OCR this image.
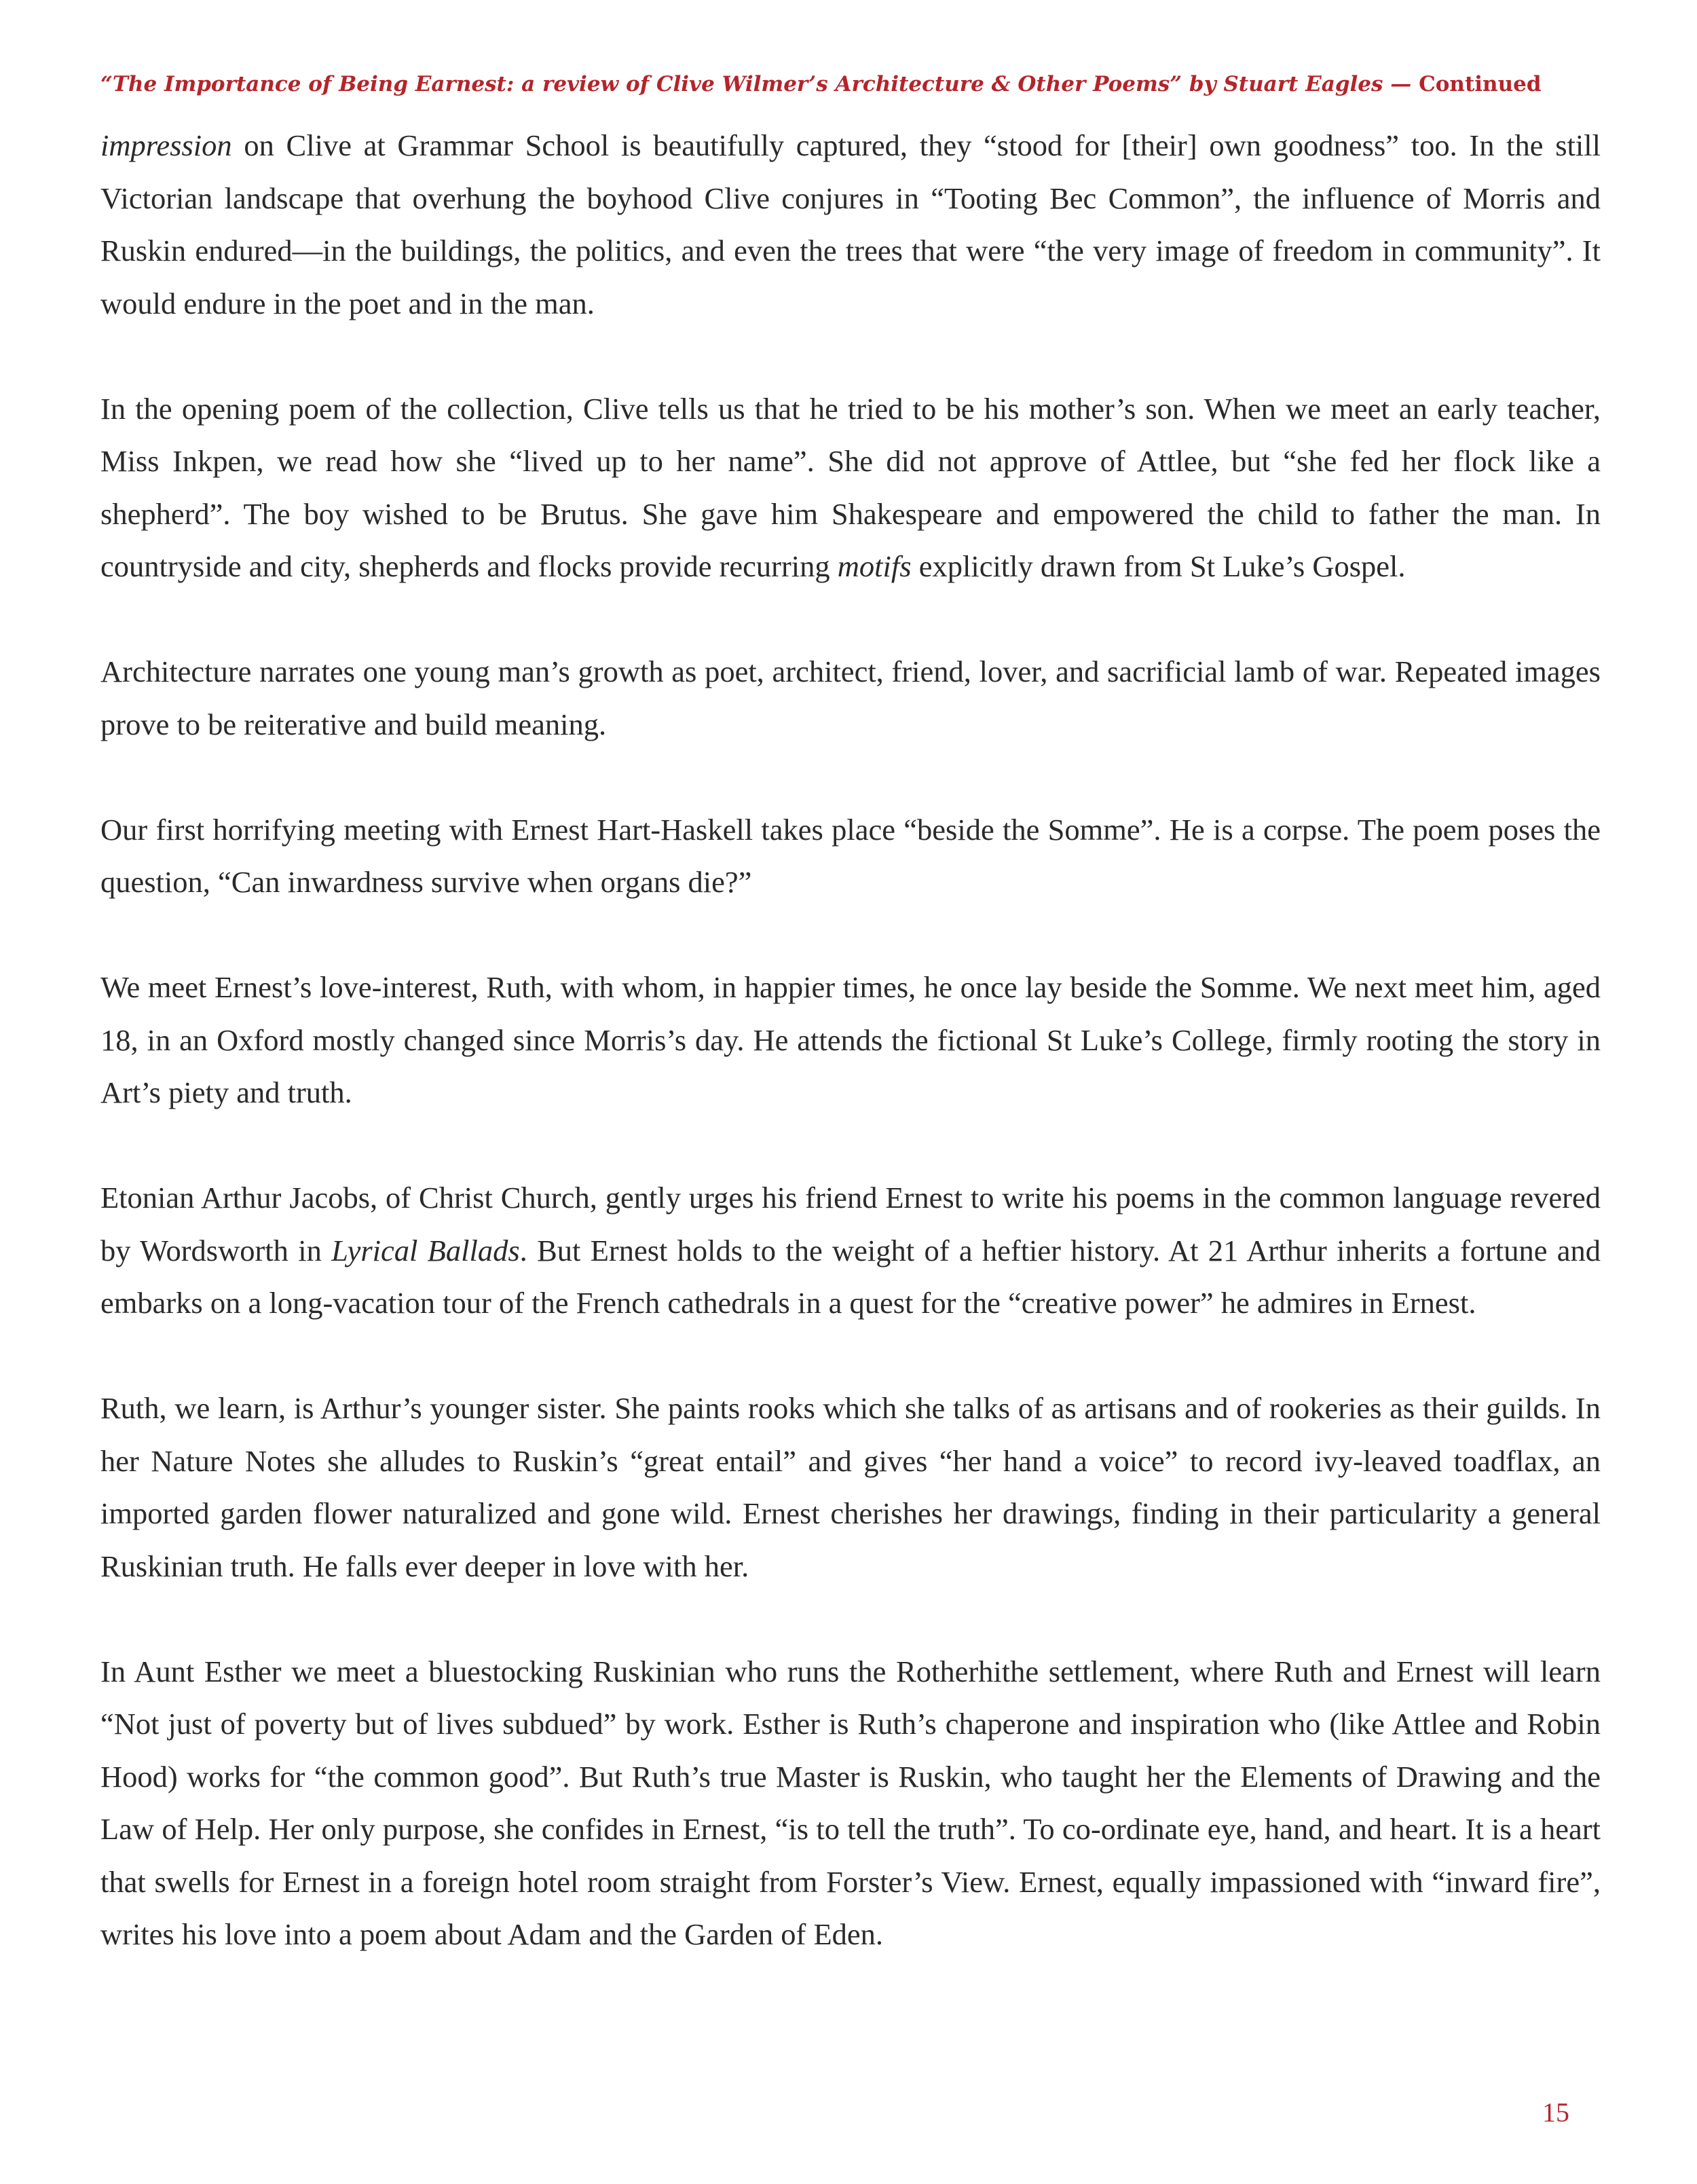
“The Importance of Being Earnest: a review of Clive Wilmer’s Architecture & Other Poems” by Stuart Eagles — Continued

impression on Clive at Grammar School is beautifully captured, they “stood for [their] own goodness” too. In the still Victorian landscape that overhung the boyhood Clive conjures in “Tooting Bec Common”, the influence of Morris and Ruskin endured—in the buildings, the politics, and even the trees that were “the very image of freedom in community”. It would endure in the poet and in the man.

In the opening poem of the collection, Clive tells us that he tried to be his mother’s son. When we meet an early teacher, Miss Inkpen, we read how she “lived up to her name”. She did not approve of Attlee, but “she fed her flock like a shepherd”. The boy wished to be Brutus. She gave him Shakespeare and empowered the child to father the man. In countryside and city, shepherds and flocks provide recurring motifs explicitly drawn from St Luke’s Gospel.

Architecture narrates one young man’s growth as poet, architect, friend, lover, and sacrificial lamb of war. Repeated images prove to be reiterative and build meaning.

Our first horrifying meeting with Ernest Hart-Haskell takes place “beside the Somme”. He is a corpse. The poem poses the question, “Can inwardness survive when organs die?”

We meet Ernest’s love-interest, Ruth, with whom, in happier times, he once lay beside the Somme. We next meet him, aged 18, in an Oxford mostly changed since Morris’s day. He attends the fictional St Luke’s College, firmly rooting the story in Art’s piety and truth.

Etonian Arthur Jacobs, of Christ Church, gently urges his friend Ernest to write his poems in the common language revered by Wordsworth in Lyrical Ballads. But Ernest holds to the weight of a heftier history. At 21 Arthur inherits a fortune and embarks on a long-vacation tour of the French cathedrals in a quest for the “creative power” he admires in Ernest.

Ruth, we learn, is Arthur’s younger sister. She paints rooks which she talks of as artisans and of rookeries as their guilds. In her Nature Notes she alludes to Ruskin’s “great entail” and gives “her hand a voice” to record ivy-leaved toadflax, an imported garden flower naturalized and gone wild. Ernest cherishes her drawings, finding in their particularity a general Ruskinian truth. He falls ever deeper in love with her.

In Aunt Esther we meet a bluestocking Ruskinian who runs the Rotherhithe settlement, where Ruth and Ernest will learn “Not just of poverty but of lives subdued” by work. Esther is Ruth’s chaperone and inspiration who (like Attlee and Robin Hood) works for “the common good”. But Ruth’s true Master is Ruskin, who taught her the Elements of Drawing and the Law of Help. Her only purpose, she confides in Ernest, “is to tell the truth”. To co-ordinate eye, hand, and heart. It is a heart that swells for Ernest in a foreign hotel room straight from Forster’s View. Ernest, equally impassioned with “inward fire”, writes his love into a poem about Adam and the Garden of Eden.

15
